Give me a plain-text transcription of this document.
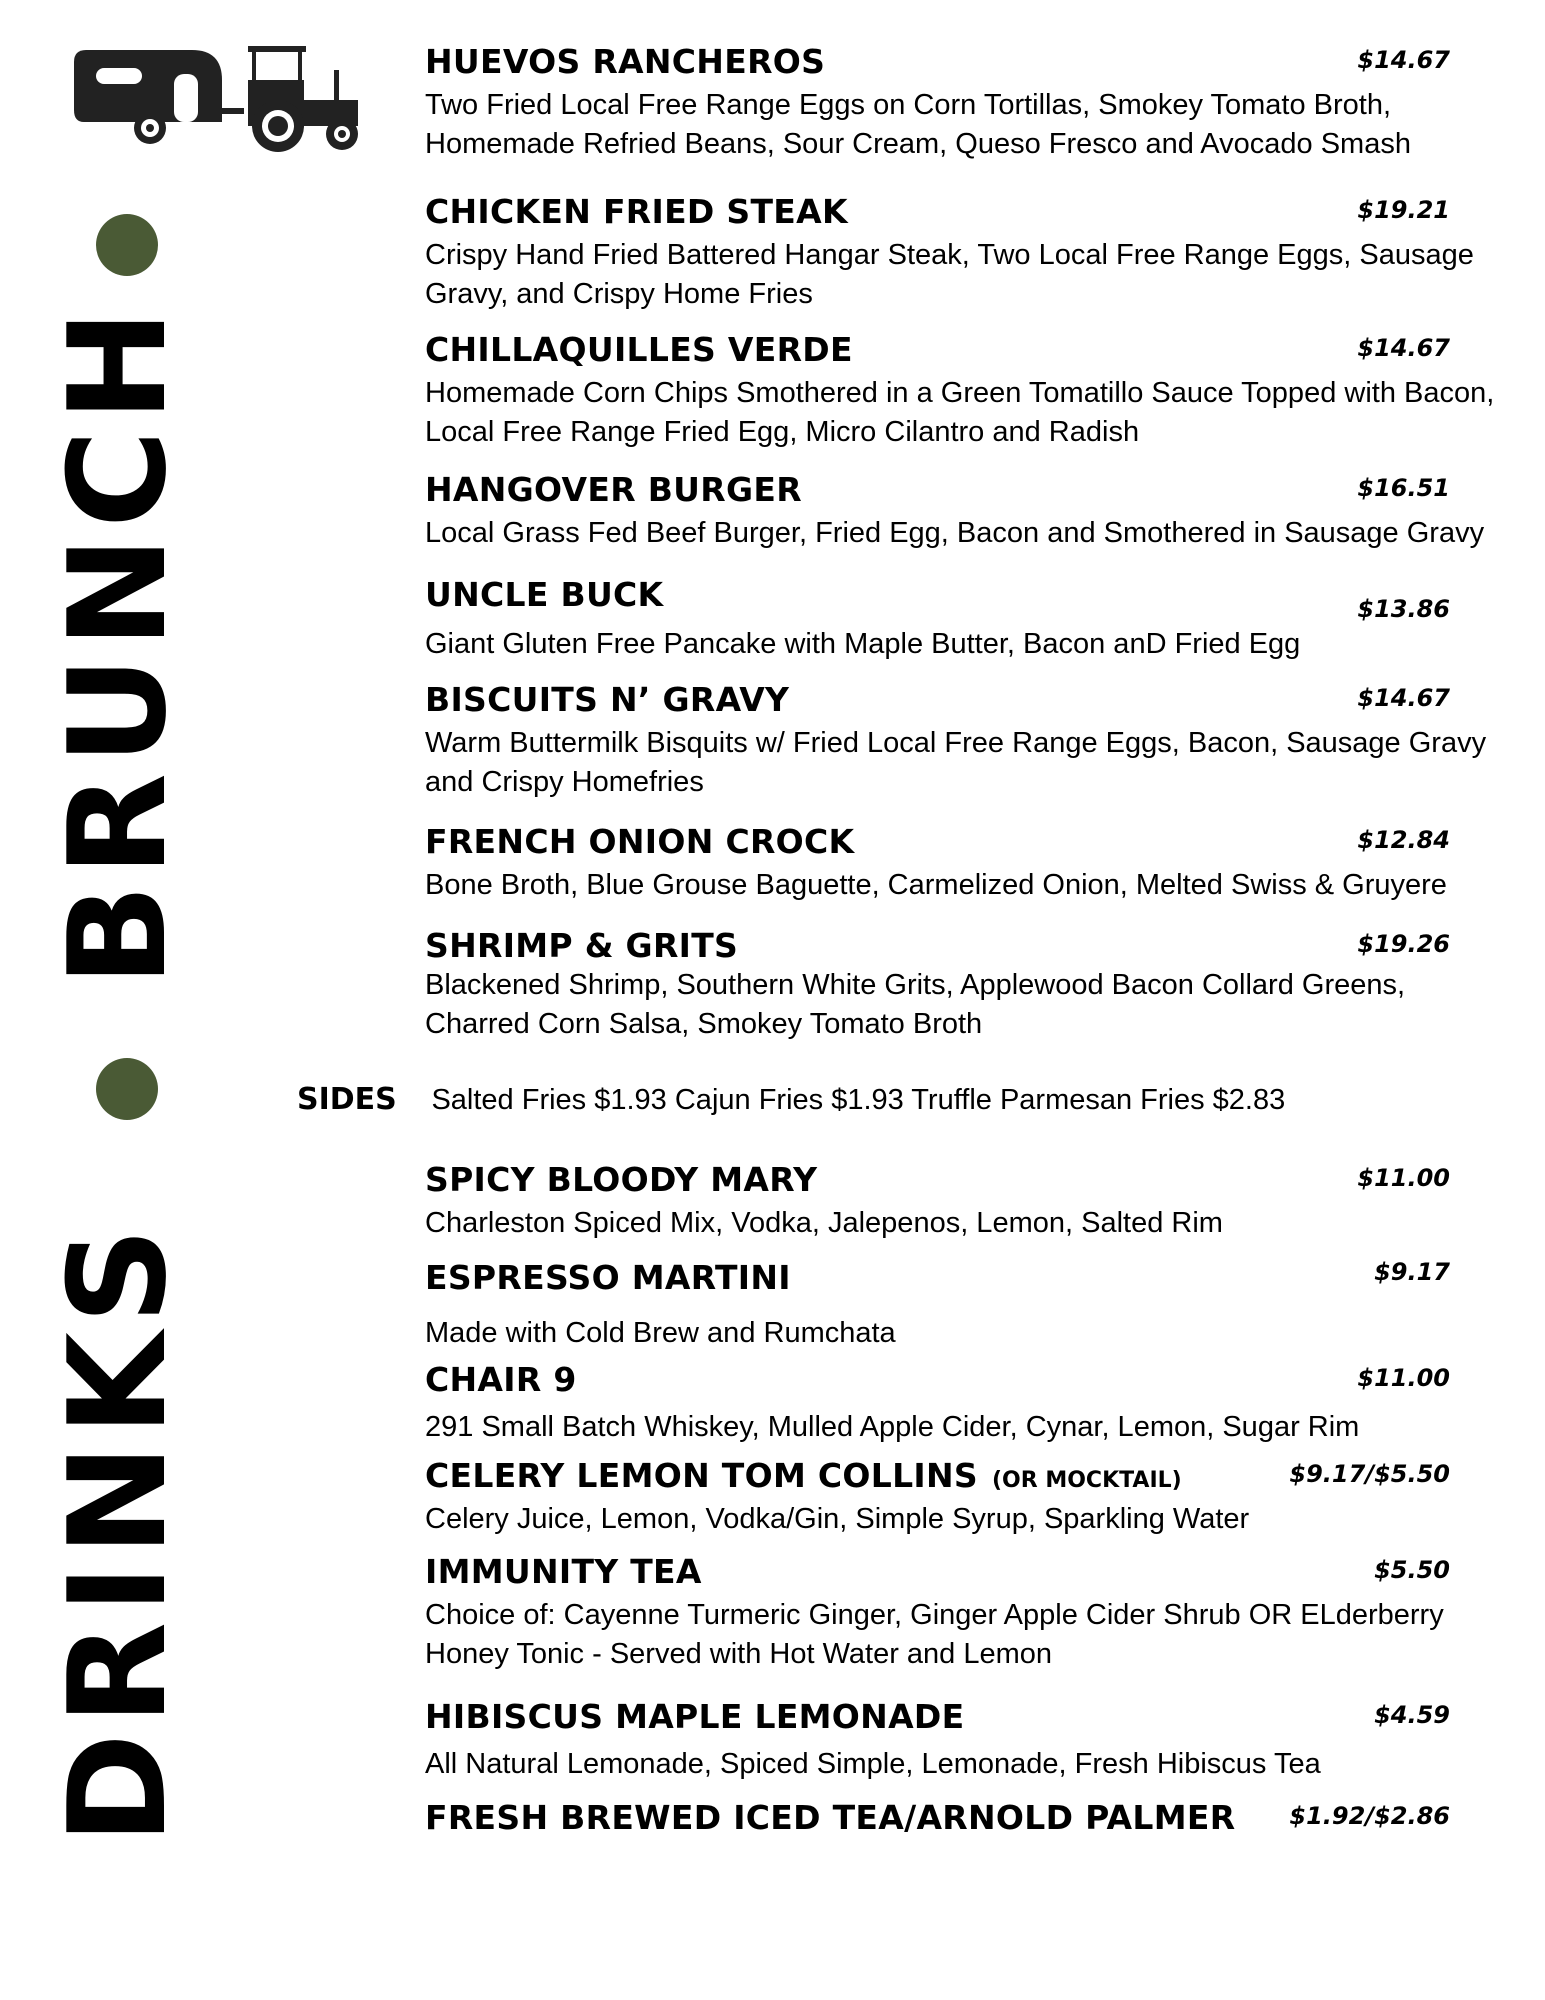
BRUNCH
DRINKS
HUEVOS RANCHEROS	$14.67
Two Fried Local Free Range Eggs on Corn Tortillas, Smokey Tomato Broth, Homemade Refried Beans, Sour Cream, Queso Fresco and Avocado Smash
CHICKEN FRIED STEAK	$19.21
Crispy Hand Fried Battered Hangar Steak, Two Local Free Range Eggs, Sausage Gravy, and Crispy Home Fries
CHILLAQUILLES VERDE	$14.67
Homemade Corn Chips Smothered in a Green Tomatillo Sauce Topped with Bacon, Local Free Range Fried Egg, Micro Cilantro and Radish
HANGOVER BURGER	$16.51
Local Grass Fed Beef Burger, Fried Egg, Bacon and Smothered in Sausage Gravy
UNCLE BUCK	$13.86
Giant Gluten Free Pancake with Maple Butter, Bacon anD Fried Egg
BISCUITS N’ GRAVY	$14.67
Warm Buttermilk Bisquits w/ Fried Local Free Range Eggs, Bacon, Sausage Gravy and Crispy Homefries
FRENCH ONION CROCK	$12.84
Bone Broth, Blue Grouse Baguette, Carmelized Onion, Melted Swiss & Gruyere
SHRIMP & GRITS	$19.26
Blackened Shrimp, Southern White Grits, Applewood Bacon Collard Greens, Charred Corn Salsa, Smokey Tomato Broth
SIDES Salted Fries $1.93 Cajun Fries $1.93 Truffle Parmesan Fries $2.83
SPICY BLOODY MARY	$11.00
Charleston Spiced Mix, Vodka, Jalepenos, Lemon, Salted Rim
ESPRESSO MARTINI	$9.17
Made with Cold Brew and Rumchata
CHAIR 9	$11.00
291 Small Batch Whiskey, Mulled Apple Cider, Cynar, Lemon, Sugar Rim
CELERY LEMON TOM COLLINS (OR MOCKTAIL)	$9.17/$5.50
Celery Juice, Lemon, Vodka/Gin, Simple Syrup, Sparkling Water
IMMUNITY TEA	$5.50
Choice of: Cayenne Turmeric Ginger, Ginger Apple Cider Shrub OR ELderberry Honey Tonic - Served with Hot Water and Lemon
HIBISCUS MAPLE LEMONADE	$4.59
All Natural Lemonade, Spiced Simple, Lemonade, Fresh Hibiscus Tea
FRESH BREWED ICED TEA/ARNOLD PALMER $1.92/$2.86
